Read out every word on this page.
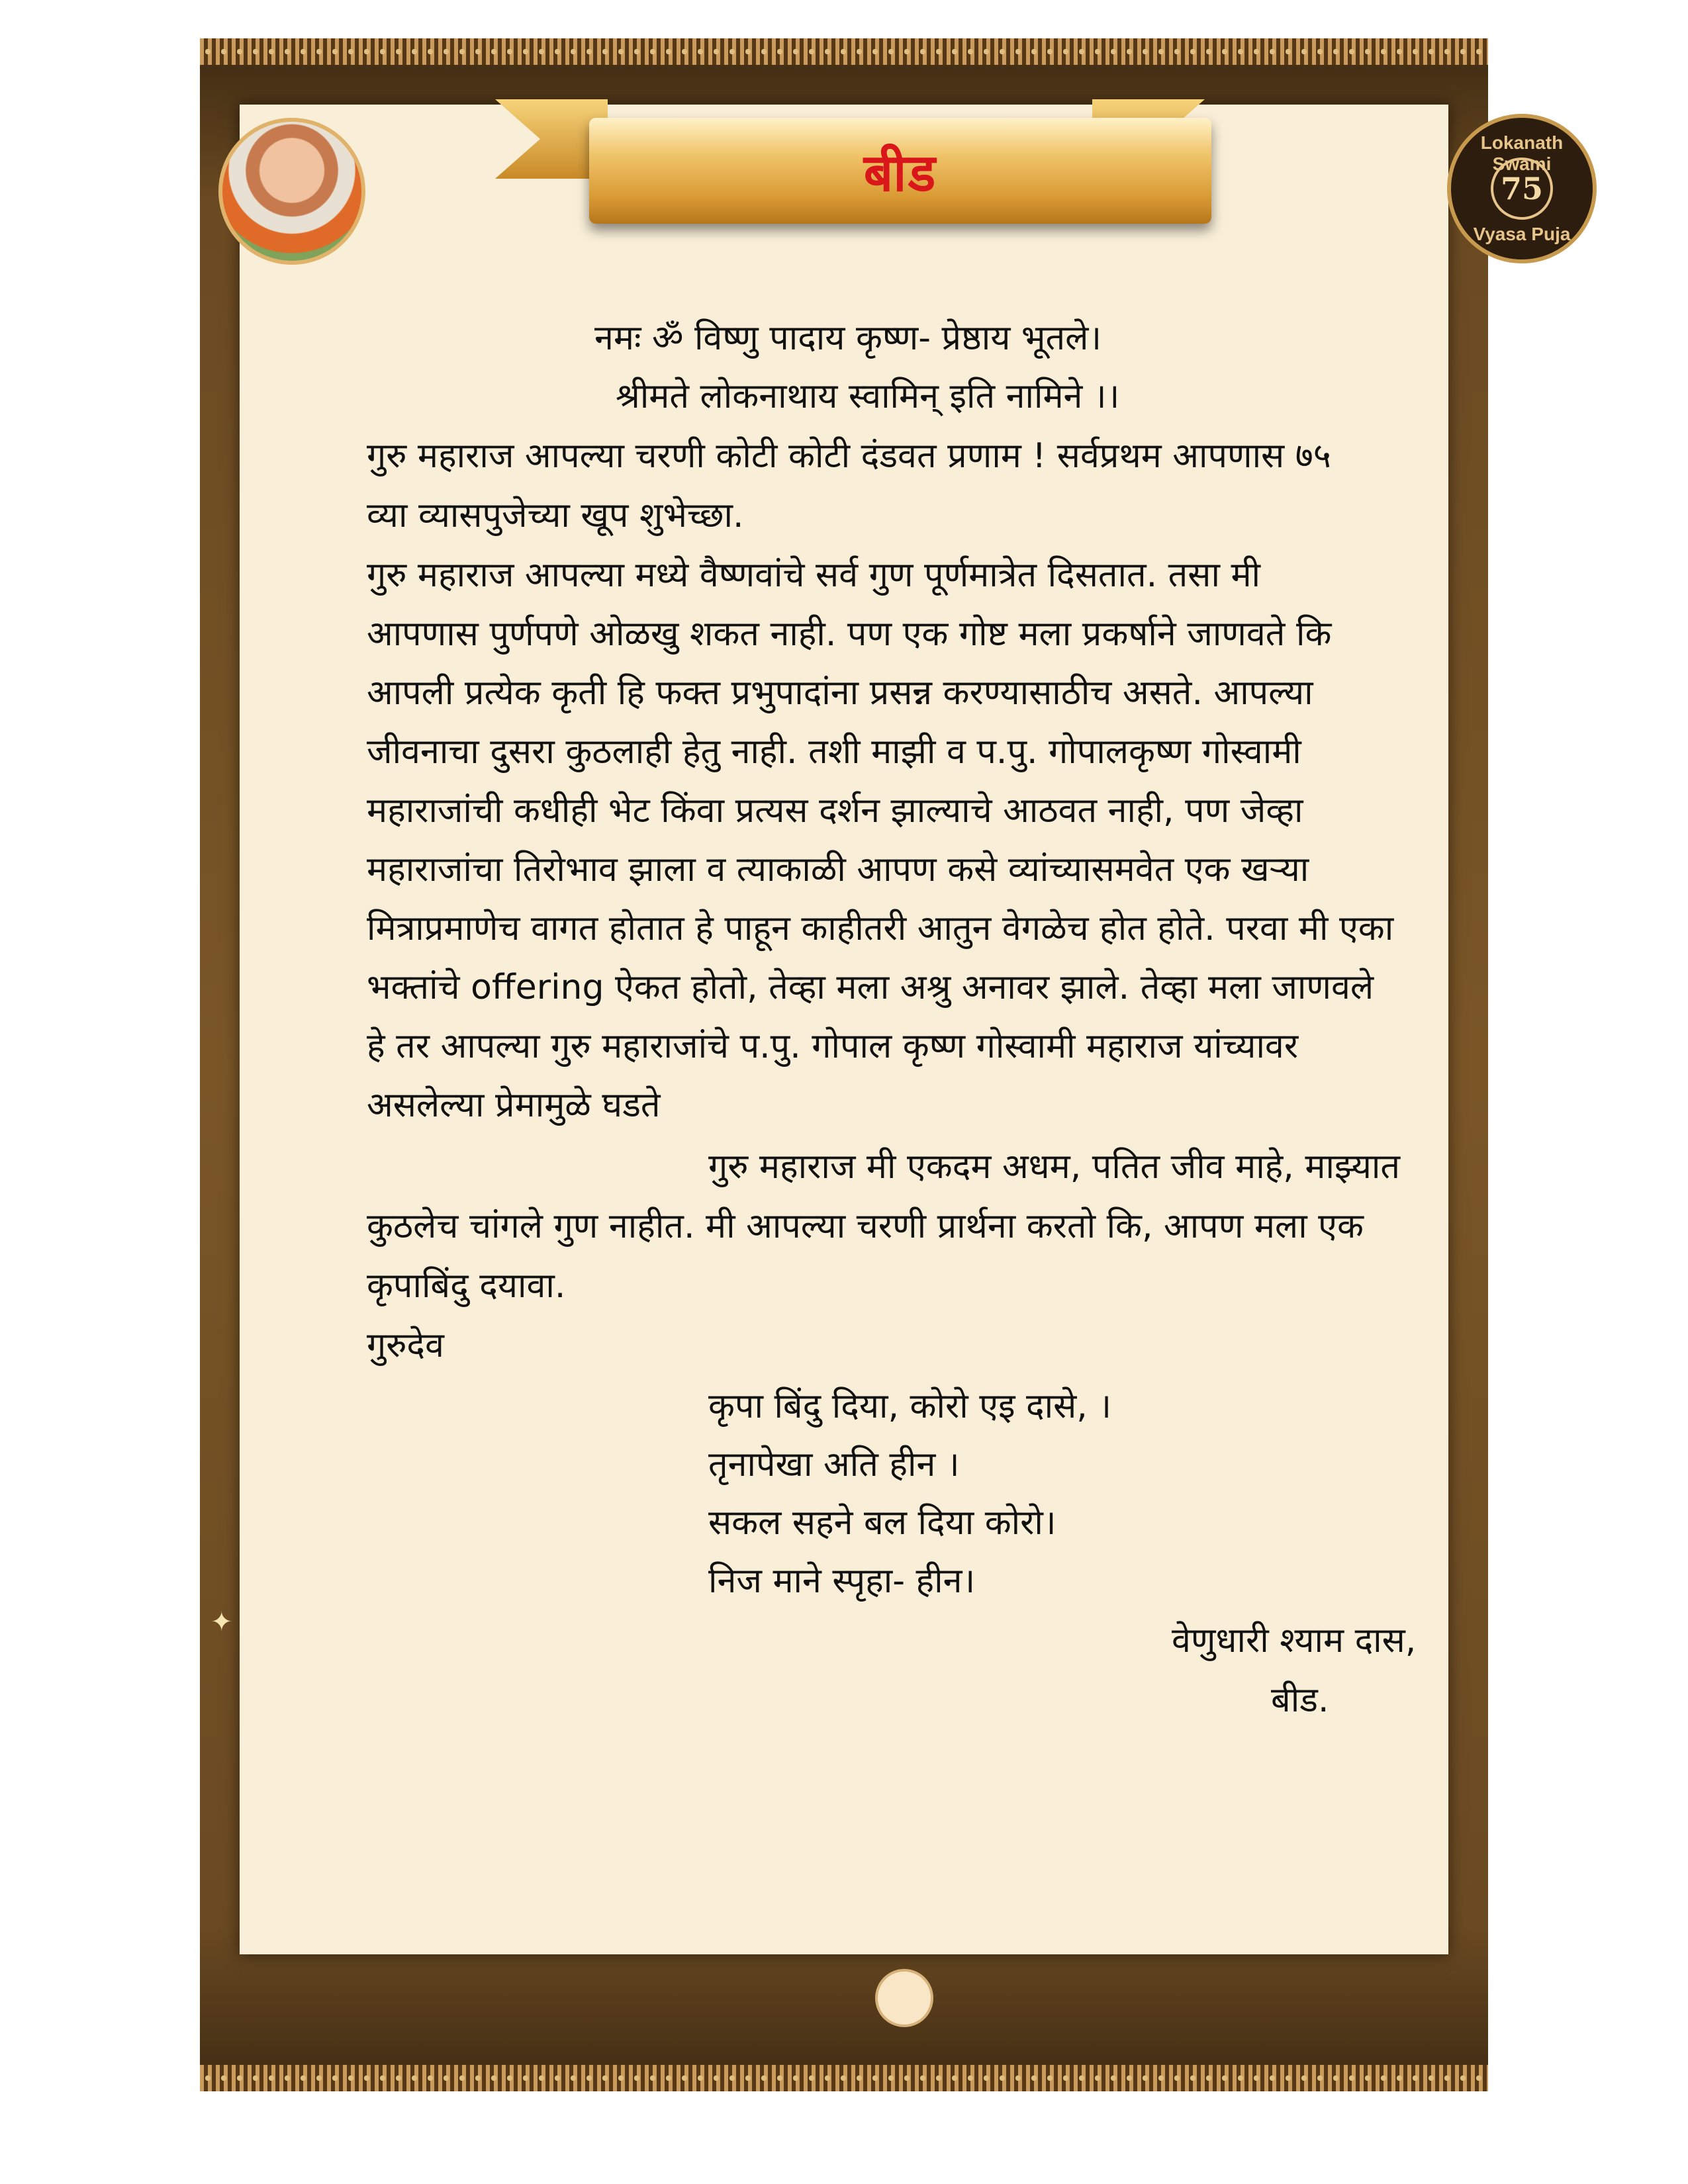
बीड
Lokanath Swami
75
Vyasa Puja
✦
नमः ॐ विष्णु पादाय कृष्ण- प्रेष्ठाय भूतले।
श्रीमते लोकनाथाय स्वामिन् इति नामिने ।।
गुरु महाराज आपल्या चरणी कोटी कोटी दंडवत प्रणाम ! सर्वप्रथम आपणास ७५
व्या व्यासपुजेच्या खूप शुभेच्छा.
गुरु महाराज आपल्या मध्ये वैष्णवांचे सर्व गुण पूर्णमात्रेत दिसतात. तसा मी
आपणास पुर्णपणे ओळखु शकत नाही. पण एक गोष्ट मला प्रकर्षाने जाणवते कि
आपली प्रत्येक कृती हि फक्त प्रभुपादांना प्रसन्न करण्यासाठीच असते. आपल्या
जीवनाचा दुसरा कुठलाही हेतु नाही. तशी माझी व प.पु. गोपालकृष्ण गोस्वामी
महाराजांची कधीही भेट किंवा प्रत्यस दर्शन झाल्याचे आठवत नाही, पण जेव्हा
महाराजांचा तिरोभाव झाला व त्याकाळी आपण कसे व्यांच्यासमवेत एक खऱ्या
मित्राप्रमाणेच वागत होतात हे पाहून काहीतरी आतुन वेगळेच होत होते. परवा मी एका
भक्तांचे offering ऐकत होतो, तेव्हा मला अश्रु अनावर झाले. तेव्हा मला जाणवले
हे तर आपल्या गुरु महाराजांचे प.पु. गोपाल कृष्ण गोस्वामी महाराज यांच्यावर
असलेल्या प्रेमामुळे घडते
गुरु महाराज मी एकदम अधम, पतित जीव माहे, माझ्यात
कुठलेच चांगले गुण नाहीत. मी आपल्या चरणी प्रार्थना करतो कि, आपण मला एक
कृपाबिंदु दयावा.
गुरुदेव
कृपा बिंदु दिया, कोरो एइ दासे, ।
तृनापेखा अति हीन ।
सकल सहने बल दिया कोरो।
निज माने स्पृहा- हीन।
वेणुधारी श्याम दास,
बीड.
